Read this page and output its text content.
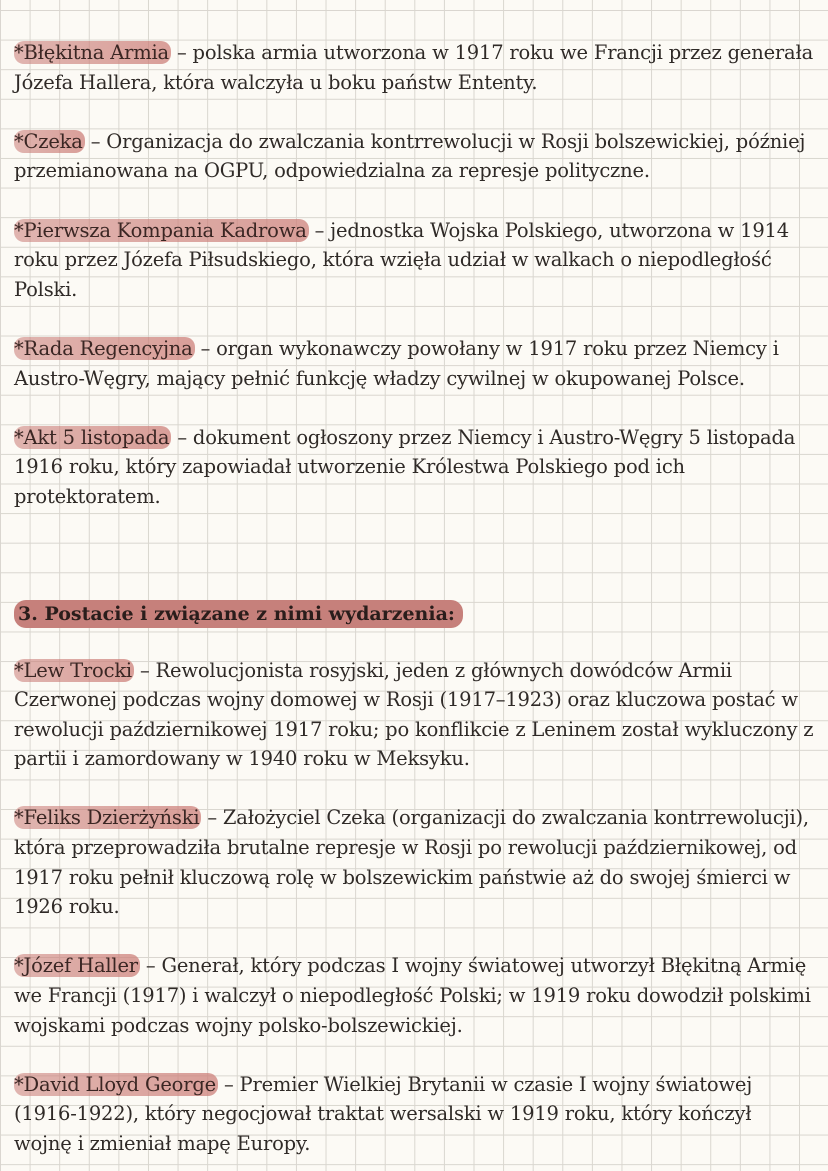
*Błękitna Armia – polska armia utworzona w 1917 roku we Francji przez generała Józefa Hallera, która walczyła u boku państw Ententy.

*Czeka – Organizacja do zwalczania kontrrewolucji w Rosji bolszewickiej, później przemianowana na OGPU, odpowiedzialna za represje polityczne.

*Pierwsza Kompania Kadrowa – jednostka Wojska Polskiego, utworzona w 1914 roku przez Józefa Piłsudskiego, która wzięła udział w walkach o niepodległość Polski.

*Rada Regencyjna – organ wykonawczy powołany w 1917 roku przez Niemcy i Austro-Węgry, mający pełnić funkcję władzy cywilnej w okupowanej Polsce.

*Akt 5 listopada – dokument ogłoszony przez Niemcy i Austro-Węgry 5 listopada 1916 roku, który zapowiadał utworzenie Królestwa Polskiego pod ich protektoratem.

3. Postacie i związane z nimi wydarzenia:

*Lew Trocki – Rewolucjonista rosyjski, jeden z głównych dowódców Armii Czerwonej podczas wojny domowej w Rosji (1917–1923) oraz kluczowa postać w rewolucji październikowej 1917 roku; po konflikcie z Leninem został wykluczony z partii i zamordowany w 1940 roku w Meksyku.

*Feliks Dzierżyński – Założyciel Czeka (organizacji do zwalczania kontrrewolucji), która przeprowadziła brutalne represje w Rosji po rewolucji październikowej, od 1917 roku pełnił kluczową rolę w bolszewickim państwie aż do swojej śmierci w 1926 roku.

*Józef Haller – Generał, który podczas I wojny światowej utworzył Błękitną Armię we Francji (1917) i walczył o niepodległość Polski; w 1919 roku dowodził polskimi wojskami podczas wojny polsko-bolszewickiej.

*David Lloyd George – Premier Wielkiej Brytanii w czasie I wojny światowej (1916-1922), który negocjował traktat wersalski w 1919 roku, który kończył wojnę i zmieniał mapę Europy.
